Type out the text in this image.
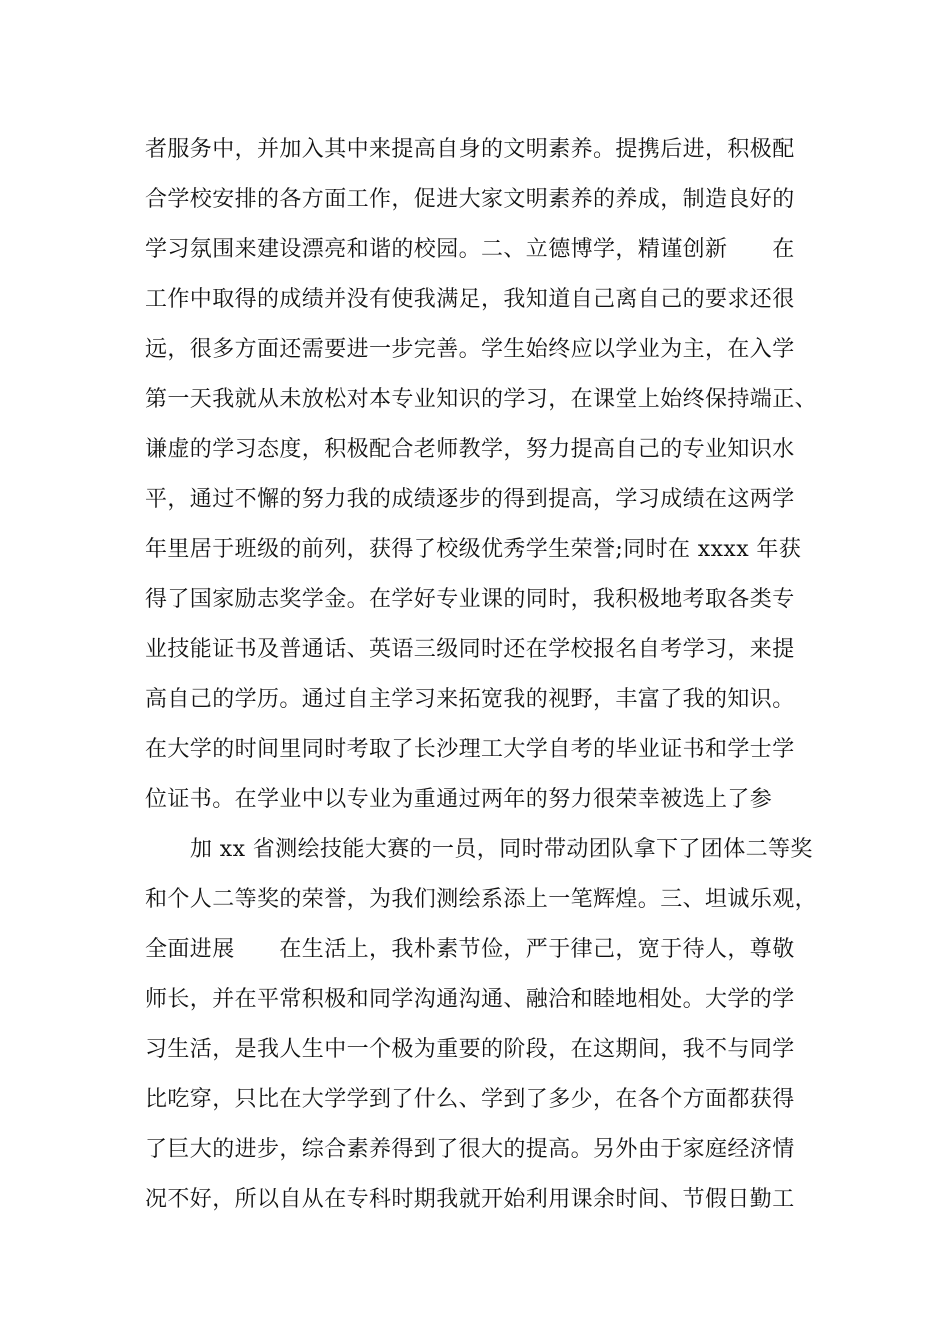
者服务中，并加入其中来提高自身的文明素养。提携后进，积极配
合学校安排的各方面工作，促进大家文明素养的养成，制造良好的
学习氛围来建设漂亮和谐的校园。二、立德博学，精谨创新　　在
工作中取得的成绩并没有使我满足，我知道自己离自己的要求还很
远，很多方面还需要进一步完善。学生始终应以学业为主，在入学
第一天我就从未放松对本专业知识的学习，在课堂上始终保持端正、
谦虚的学习态度，积极配合老师教学，努力提高自己的专业知识水
平，通过不懈的努力我的成绩逐步的得到提高，学习成绩在这两学
年里居于班级的前列，获得了校级优秀学生荣誉;同时在 xxxx 年获
得了国家励志奖学金。在学好专业课的同时，我积极地考取各类专
业技能证书及普通话、英语三级同时还在学校报名自考学习，来提
高自己的学历。通过自主学习来拓宽我的视野，丰富了我的知识。
在大学的时间里同时考取了长沙理工大学自考的毕业证书和学士学
位证书。在学业中以专业为重通过两年的努力很荣幸被选上了参
加 xx 省测绘技能大赛的一员，同时带动团队拿下了团体二等奖
和个人二等奖的荣誉，为我们测绘系添上一笔辉煌。三、坦诚乐观，
全面进展　　在生活上，我朴素节俭，严于律己，宽于待人，尊敬
师长，并在平常积极和同学沟通沟通、融洽和睦地相处。大学的学
习生活，是我人生中一个极为重要的阶段，在这期间，我不与同学
比吃穿，只比在大学学到了什么、学到了多少，在各个方面都获得
了巨大的进步，综合素养得到了很大的提高。另外由于家庭经济情
况不好，所以自从在专科时期我就开始利用课余时间、节假日勤工
